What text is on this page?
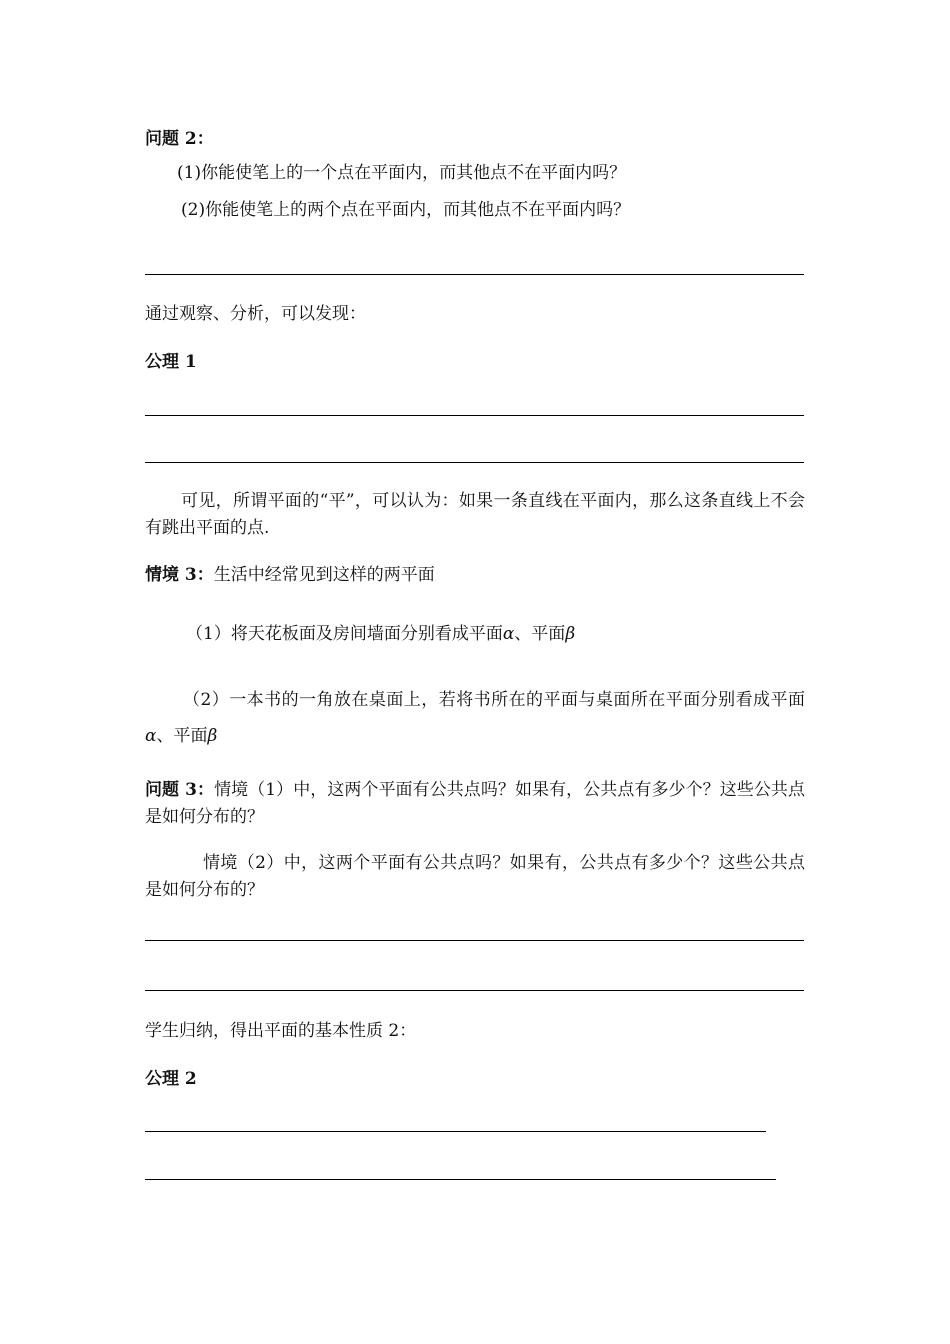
问题 2：
(1)你能使笔上的一个点在平面内，而其他点不在平面内吗？
(2)你能使笔上的两个点在平面内，而其他点不在平面内吗？
通过观察、分析，可以发现：
公理 1
可见，所谓平面的“平”，可以认为：如果一条直线在平面内，那么这条直线上不会有跳出平面的点.
情境 3：生活中经常见到这样的两平面
（1）将天花板面及房间墙面分别看成平面α、平面β
（2）一本书的一角放在桌面上，若将书所在的平面与桌面所在平面分别看成平面α、平面β
问题 3：情境（1）中，这两个平面有公共点吗？如果有，公共点有多少个？这些公共点是如何分布的？
情境（2）中，这两个平面有公共点吗？如果有，公共点有多少个？这些公共点是如何分布的？
学生归纳，得出平面的基本性质 2：
公理 2
